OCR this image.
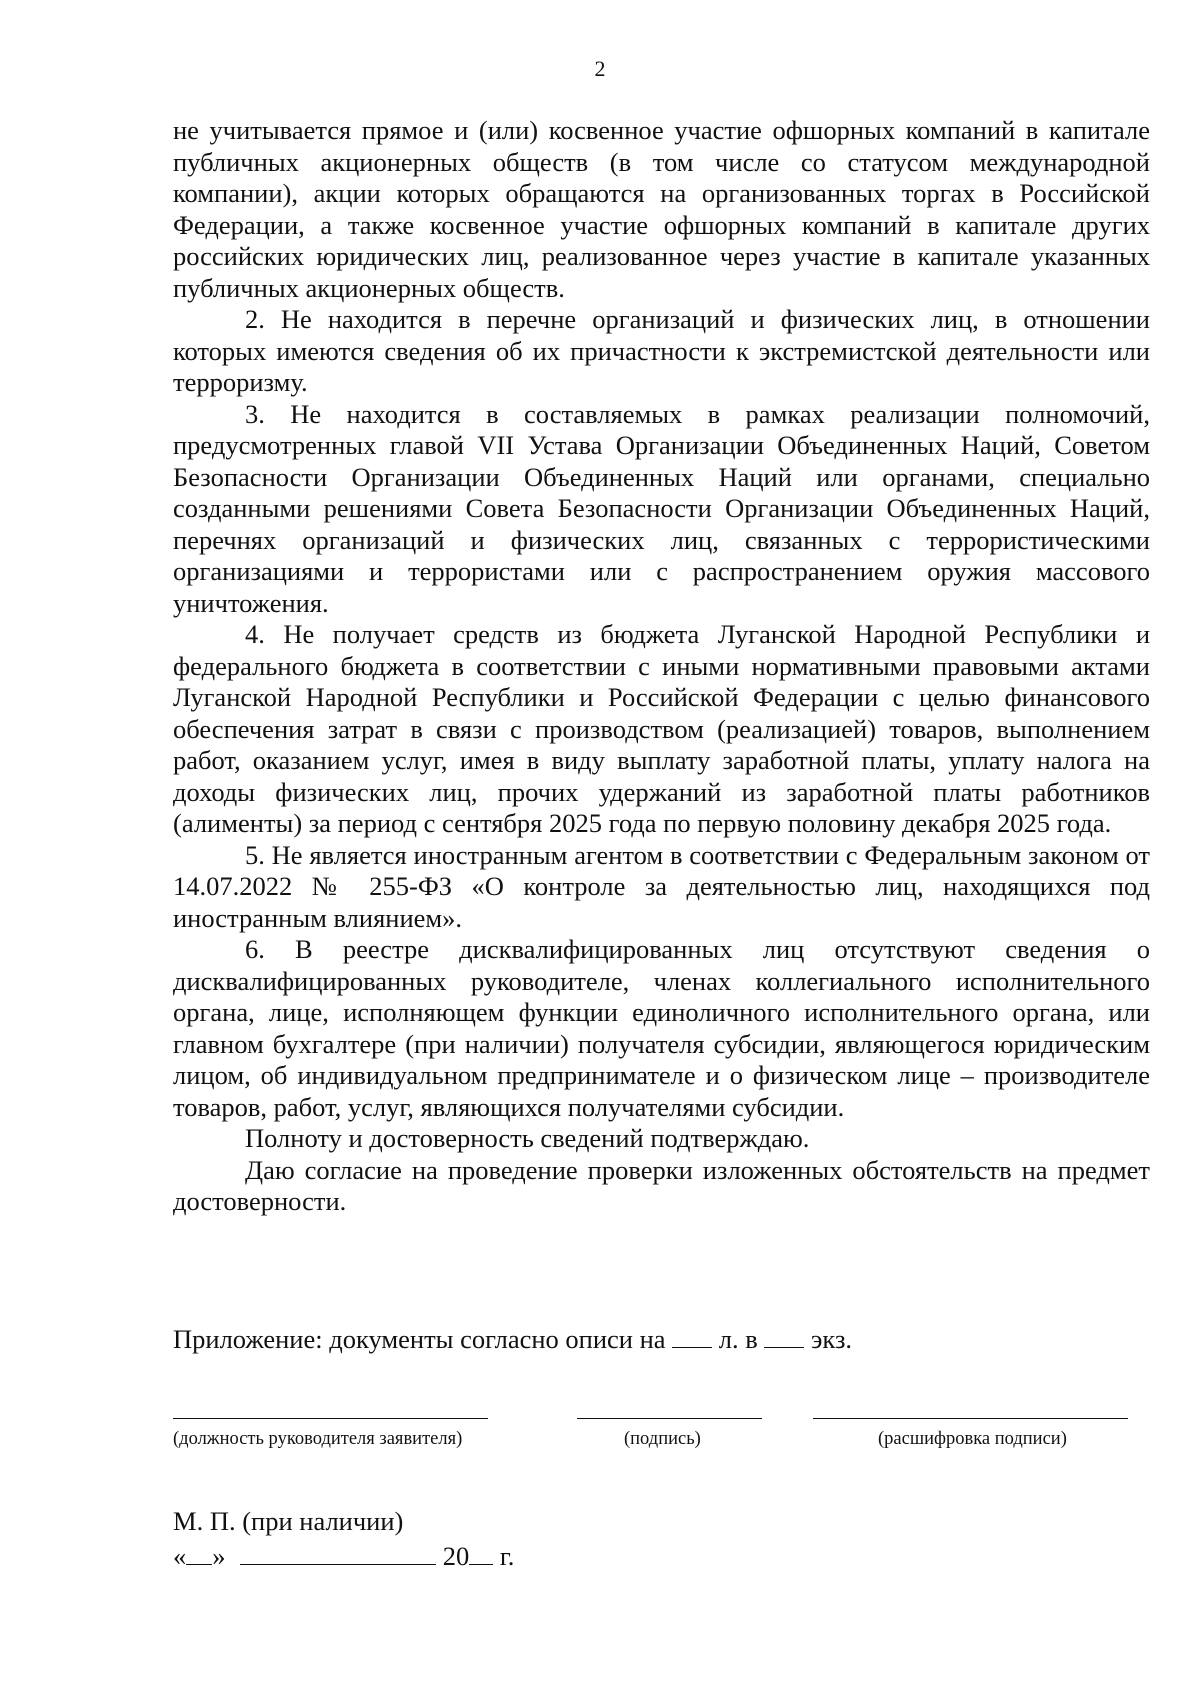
2

не учитывается прямое и (или) косвенное участие офшорных компаний в капитале публичных акционерных обществ (в том числе со статусом международной компании), акции которых обращаются на организованных торгах в Российской Федерации, а также косвенное участие офшорных компаний в капитале других российских юридических лиц, реализованное через участие в капитале указанных публичных акционерных обществ.

2. Не находится в перечне организаций и физических лиц, в отношении которых имеются сведения об их причастности к экстремистской деятельности или терроризму.

3. Не находится в составляемых в рамках реализации полномочий, предусмотренных главой VII Устава Организации Объединенных Наций, Советом Безопасности Организации Объединенных Наций или органами, специально созданными решениями Совета Безопасности Организации Объединенных Наций, перечнях организаций и физических лиц, связанных с террористическими организациями и террористами или с распространением оружия массового уничтожения.

4. Не получает средств из бюджета Луганской Народной Республики и федерального бюджета в соответствии с иными нормативными правовыми актами Луганской Народной Республики и Российской Федерации с целью финансового обеспечения затрат в связи с производством (реализацией) товаров, выполнением работ, оказанием услуг, имея в виду выплату заработной платы, уплату налога на доходы физических лиц, прочих удержаний из заработной платы работников (алименты) за период с сентября 2025 года по первую половину декабря 2025 года.

5. Не является иностранным агентом в соответствии с Федеральным законом от 14.07.2022 № 255-ФЗ «О контроле за деятельностью лиц, находящихся под иностранным влиянием».

6. В реестре дисквалифицированных лиц отсутствуют сведения о дисквалифицированных руководителе, членах коллегиального исполнительного органа, лице, исполняющем функции единоличного исполнительного органа, или главном бухгалтере (при наличии) получателя субсидии, являющегося юридическим лицом, об индивидуальном предпринимателе и о физическом лице – производителе товаров, работ, услуг, являющихся получателями субсидии.

Полноту и достоверность сведений подтверждаю.

Даю согласие на проведение проверки изложенных обстоятельств на предмет достоверности.

Приложение: документы согласно описи на л. в экз.
(должность руководителя заявителя)	(подпись)	(расшифровка подписи)
М. П. (при наличии)
« »	20 г.
